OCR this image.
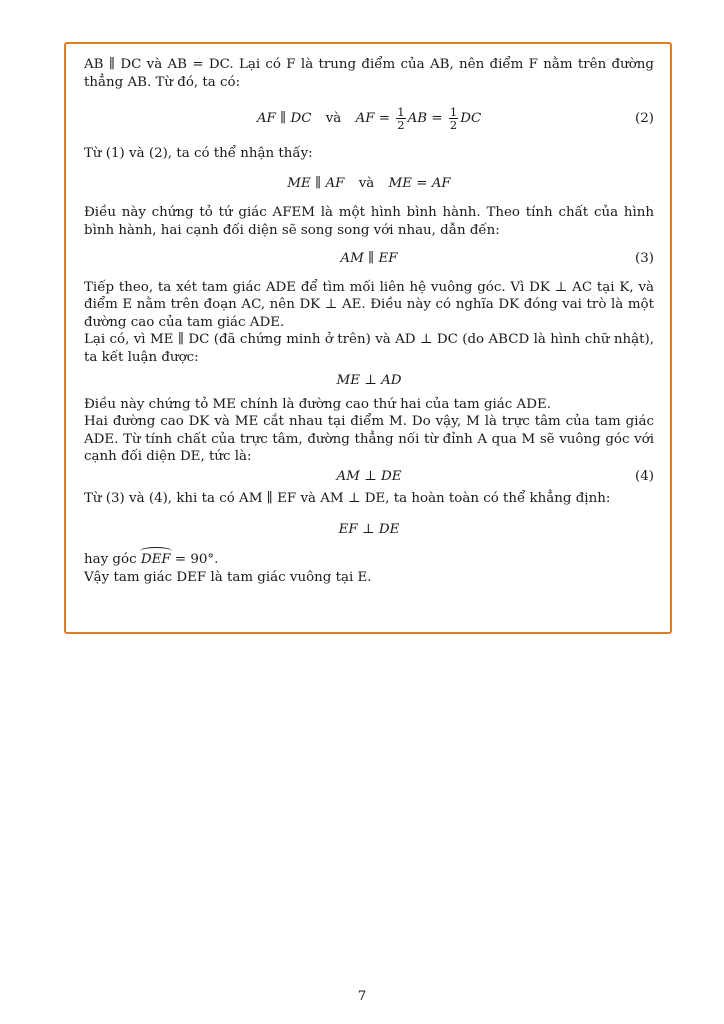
AB ∥ DC và AB = DC. Lại có F là trung điểm của AB, nên điểm F nằm trên đường thẳng AB. Từ đó, ta có:

AF ∥ DC và AF = $\frac{1}{2}$ AB = $\frac{1}{2}$ DC	(2)

Từ (1) và (2), ta có thể nhận thấy:

ME ∥ AF và ME = AF

Điều này chứng tỏ tứ giác AFEM là một hình bình hành. Theo tính chất của hình bình hành, hai cạnh đối diện sẽ song song với nhau, dẫn đến:

AM ∥ EF	(3)

Tiếp theo, ta xét tam giác ADE để tìm mối liên hệ vuông góc. Vì DK ⊥ AC tại K, và điểm E nằm trên đoạn AC, nên DK ⊥ AE. Điều này có nghĩa DK đóng vai trò là một đường cao của tam giác ADE.

Lại có, vì ME ∥ DC (đã chứng minh ở trên) và AD ⊥ DC (do ABCD là hình chữ nhật), ta kết luận được:

ME ⊥ AD

Điều này chứng tỏ ME chính là đường cao thứ hai của tam giác ADE.

Hai đường cao DK và ME cắt nhau tại điểm M. Do vậy, M là trực tâm của tam giác ADE. Từ tính chất của trực tâm, đường thẳng nối từ đỉnh A qua M sẽ vuông góc với cạnh đối diện DE, tức là:

AM ⊥ DE	(4)

Từ (3) và (4), khi ta có AM ∥ EF và AM ⊥ DE, ta hoàn toàn có thể khẳng định:

EF ⊥ DE

hay góc DEF = 90°.

Vậy tam giác DEF là tam giác vuông tại E.

7
